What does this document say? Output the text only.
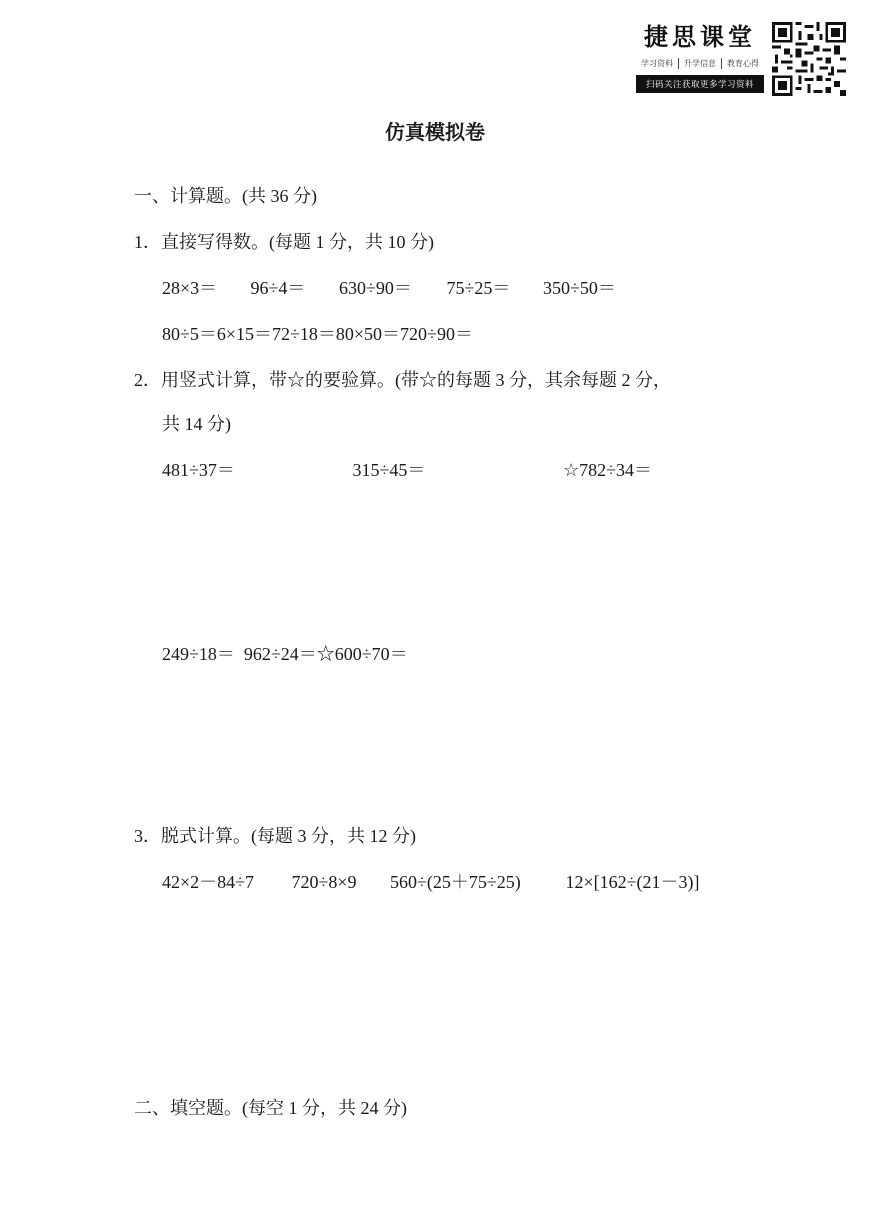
捷思课堂
学习资料	升学信息	教育心得
扫码关注获取更多学习资料
仿真模拟卷
一、计算题。(共 36 分)
1．直接写得数。(每题 1 分，共 10 分)
28×3＝ 96÷4＝ 630÷90＝ 75÷25＝ 350÷50＝
80÷5＝6×15＝72÷18＝80×50＝720÷90＝
2．用竖式计算，带☆的要验算。(带☆的每题 3 分，其余每题 2 分，
共 14 分)
481÷37＝	315÷45＝	☆782÷34＝
249÷18＝  962÷24＝☆600÷70＝
3．脱式计算。(每题 3 分，共 12 分)
42×2－84÷7 720÷8×9 560÷(25＋75÷25) 12×[162÷(21－3)]
二、填空题。(每空 1 分，共 24 分)
